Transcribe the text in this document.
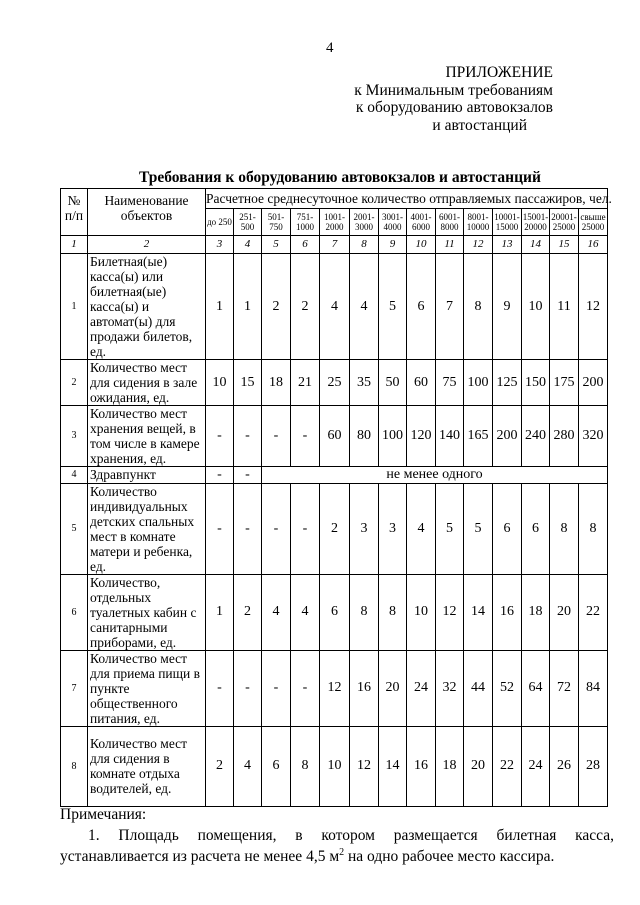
4
ПРИЛОЖЕНИЕ
к Минимальным требованиям
к оборудованию автовокзалов
и автостанций
Требования к оборудованию автовокзалов и автостанций
№ п/п	Наименование объектов	Расчетное среднесуточное количество отправляемых пассажиров, чел.													
		до 250	251- 500	501- 750	751- 1000	1001- 2000	2001- 3000	3001- 4000	4001- 6000	6001- 8000	8001- 10000	10001- 15000	15001- 20000	20001- 25000	свыше 25000
1	2	3	4	5	6	7	8	9	10	11	12	13	14	15	16
1	Билетная(ые) касса(ы) или билетная(ые) касса(ы) и автомат(ы) для продажи билетов, ед.	1	1	2	2	4	4	5	6	7	8	9	10	11	12
2	Количество мест для сидения в зале ожидания, ед.	10	15	18	21	25	35	50	60	75	100	125	150	175	200
3	Количество мест хранения вещей, в том числе в камере хранения, ед.	-	-	-	-	60	80	100	120	140	165	200	240	280	320
4	Здравпункт	-	-	не менее одного											
5	Количество индивидуальных детских спальных мест в комнате матери и ребенка, ед.	-	-	-	-	2	3	3	4	5	5	6	6	8	8
6	Количество, отдельных туалетных кабин с санитарными приборами, ед.	1	2	4	4	6	8	8	10	12	14	16	18	20	22
7	Количество мест для приема пищи в пункте общественного питания, ед.	-	-	-	-	12	16	20	24	32	44	52	64	72	84
8	Количество мест для сидения в комнате отдыха водителей, ед.	2	4	6	8	10	12	14	16	18	20	22	24	26	28
Примечания:
1. Площадь помещения, в котором размещается билетная касса, устанавливается из расчета не менее 4,5 $м^2$ на одно рабочее место кассира.
